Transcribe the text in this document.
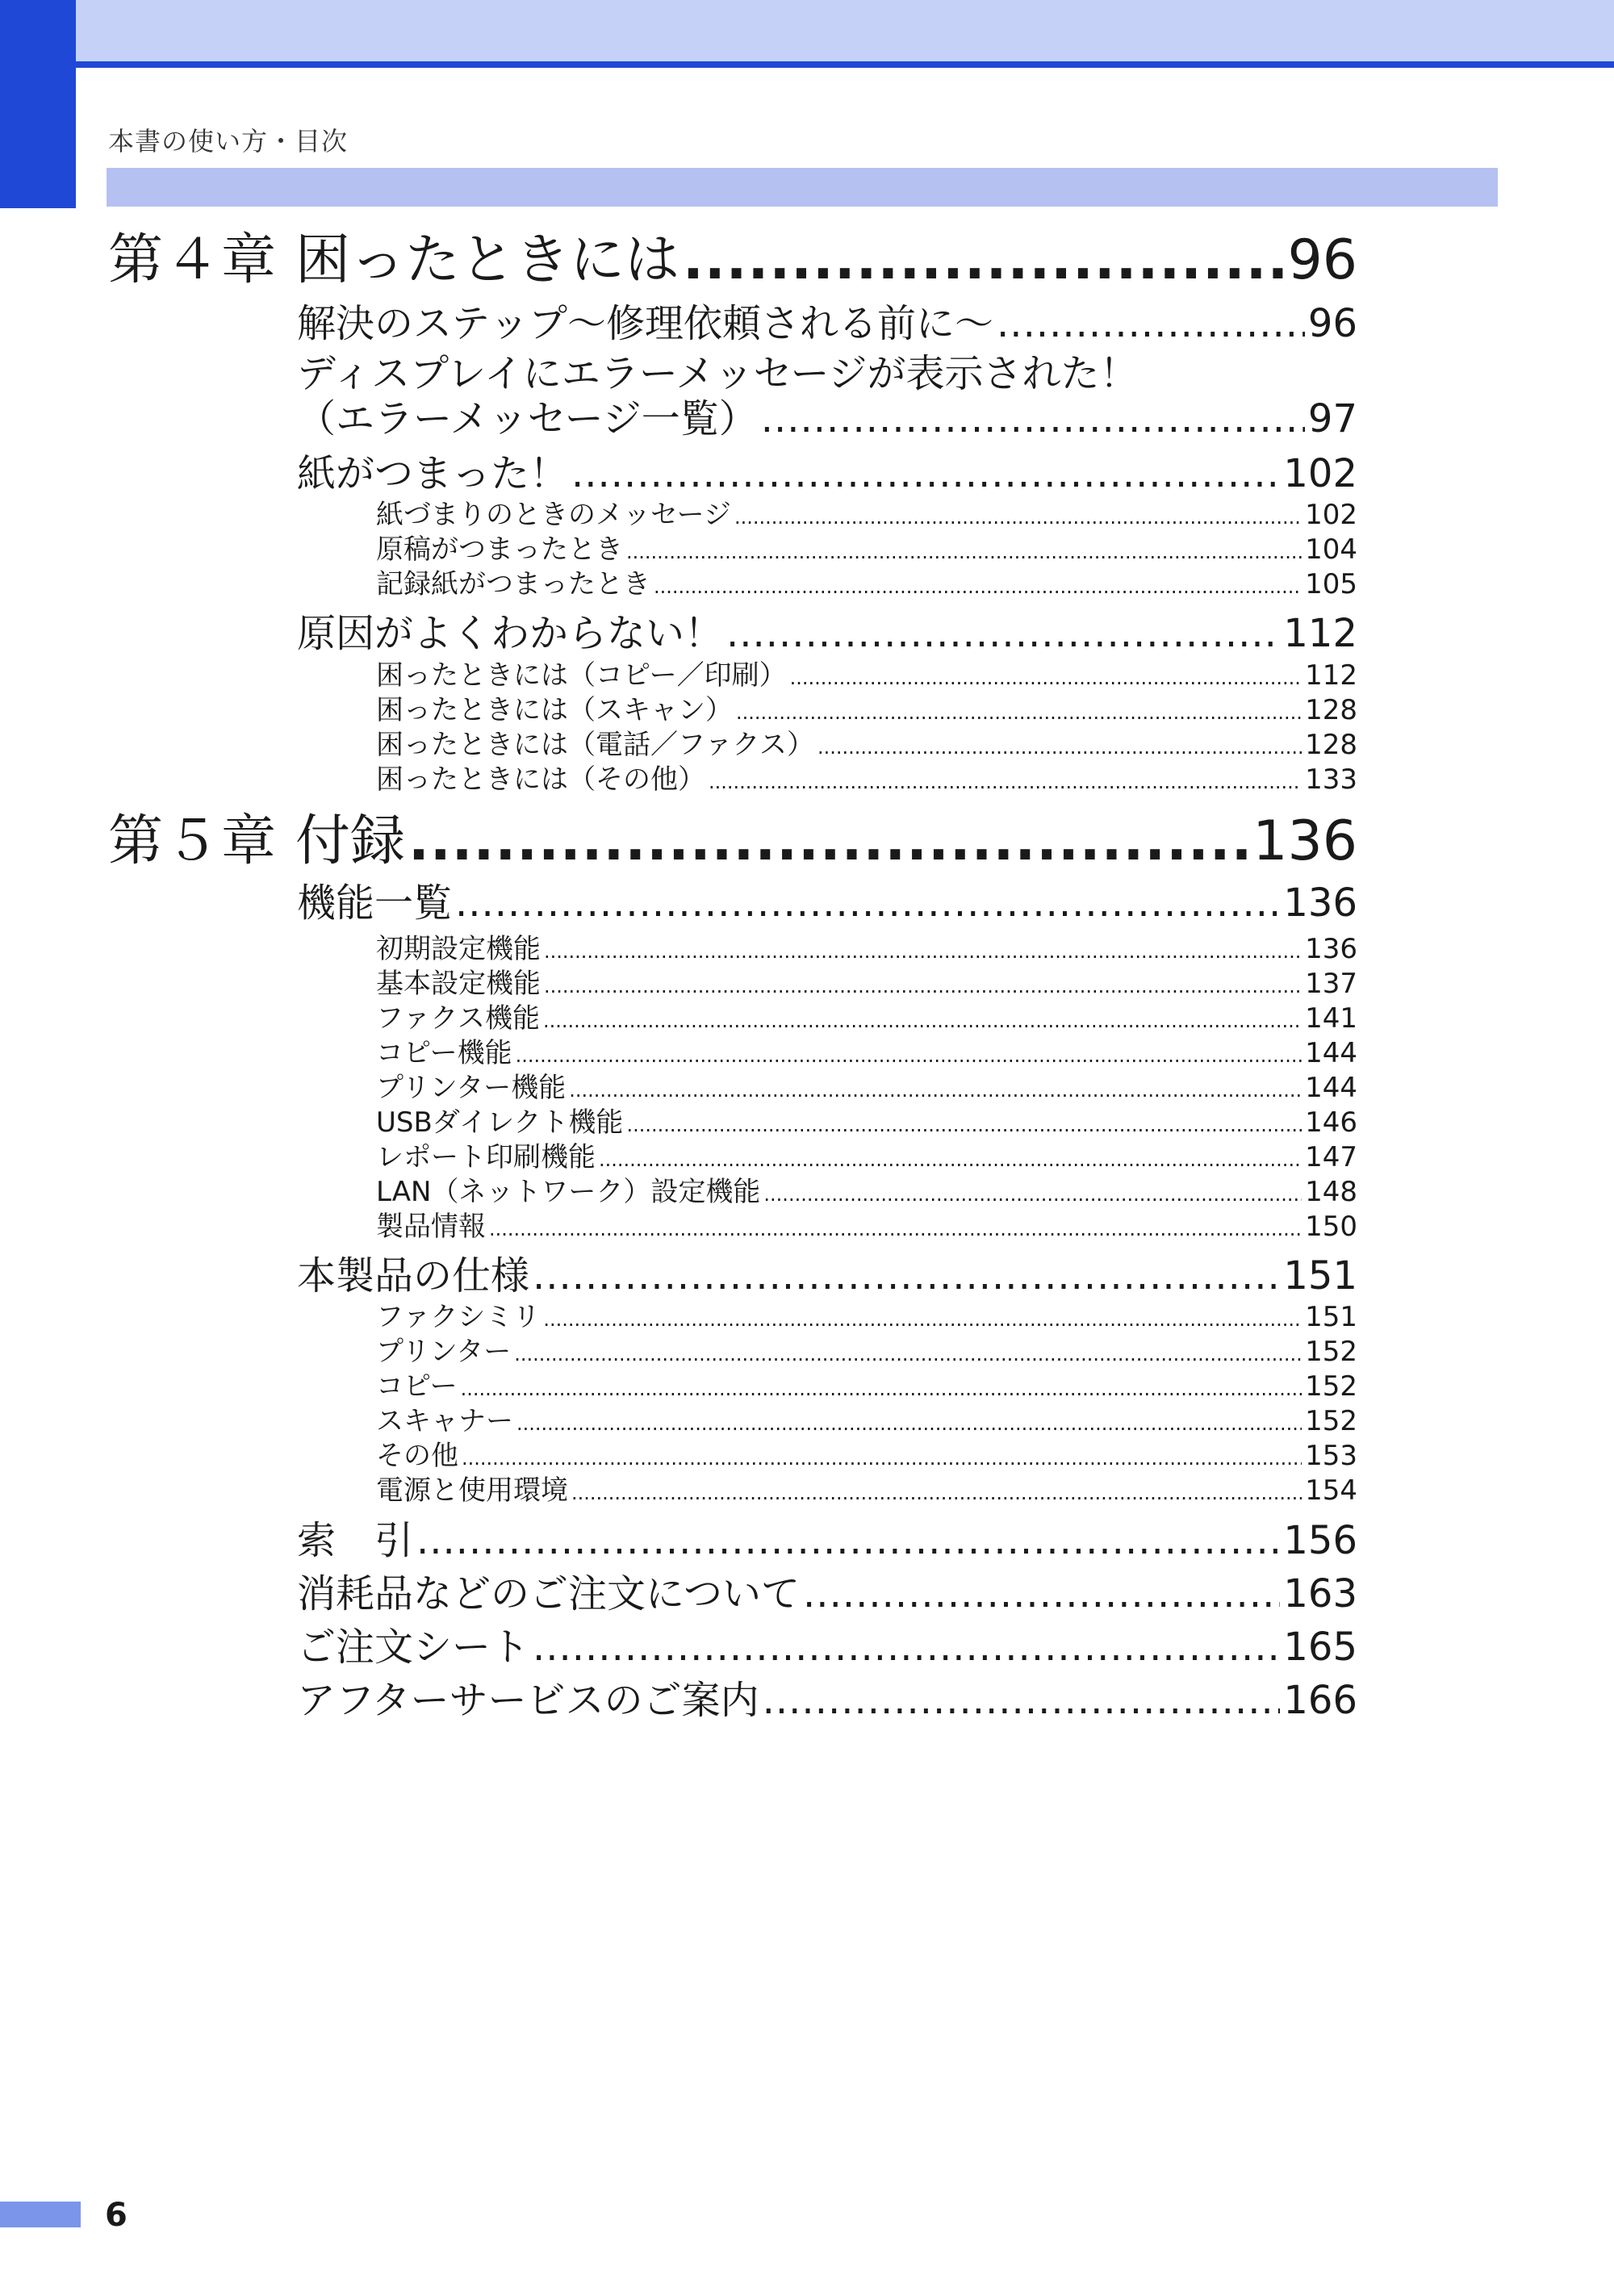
本書の使い方・目次
第４章 困ったときには .....	96
解決のステップ〜修理依頼される前に〜 .....	96
ディスプレイにエラーメッセージが表示された！
（エラーメッセージ一覧） .....	97
紙がつまった！ .....	102
紙づまりのときのメッセージ .....	102
原稿がつまったとき .....	104
記録紙がつまったとき .....	105
原因がよくわからない！ .....	112
困ったときには（コピー／印刷） .....	112
困ったときには（スキャン） .....	128
困ったときには（電話／ファクス） .....	128
困ったときには（その他） .....	133
第５章 付録 .....	136
機能一覧 .....	136
初期設定機能 .....	136
基本設定機能 .....	137
ファクス機能 .....	141
コピー機能 .....	144
プリンター機能 .....	144
USBダイレクト機能 .....	146
レポート印刷機能 .....	147
LAN（ネットワーク）設定機能 .....	148
製品情報 .....	150
本製品の仕様 .....	151
ファクシミリ .....	151
プリンター .....	152
コピー .....	152
スキャナー .....	152
その他 .....	153
電源と使用環境 .....	154
索　引 .....	156
消耗品などのご注文について .....	163
ご注文シート .....	165
アフターサービスのご案内 .....	166
6
